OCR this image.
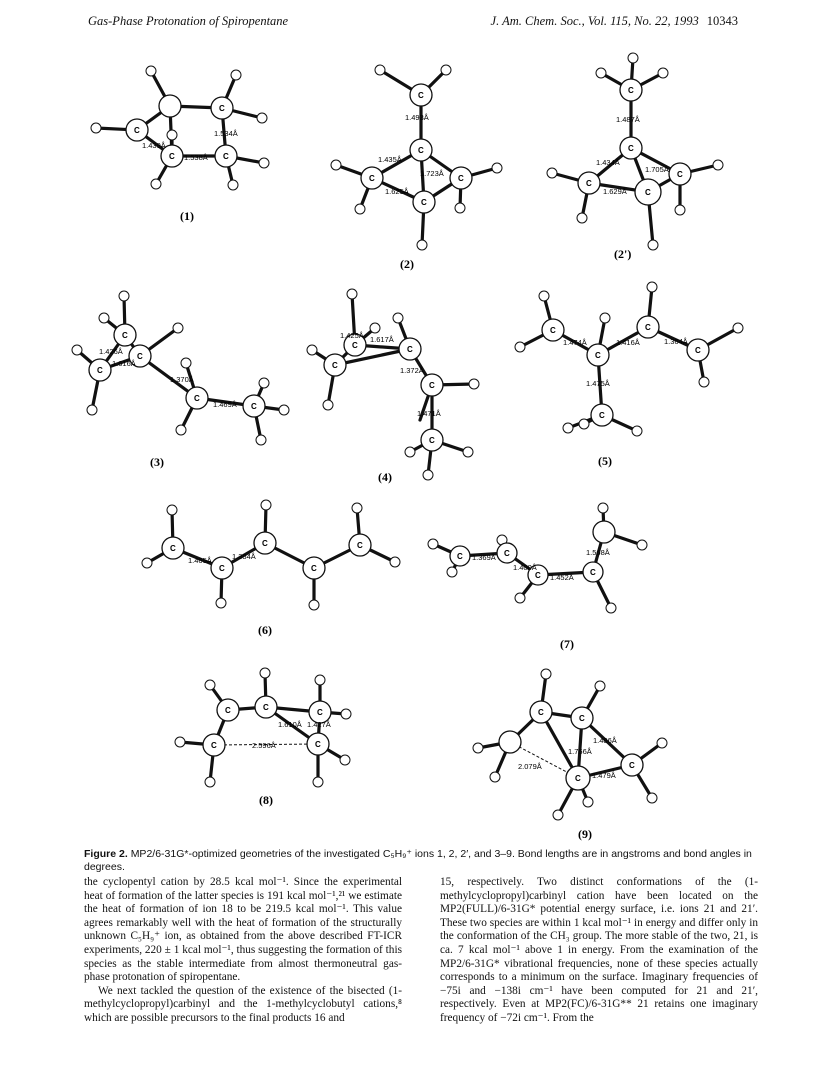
Gas-Phase Protonation of Spiropentane	J. Am. Chem. Soc., Vol. 115, No. 22, 1993 10343
C
C
C	C
1.439Å
1.538Å
1.534Å
(1)
C
C
C	C
C
1.493Å
1.435Å
1.723Å
1.625Å
(2)
C
C
C
C
C
1.487Å
1.434Å
1.705Å
1.629Å
(2')
C
C
C
C
C
1.426Å
1.616Å
1.370Å
1.469Å
(3)
C
C
C
C
C
1.425Å 1.617Å
1.372Å
1.471Å
(4)
C
C
C
C
C
1.474Å	1.416Å	1.364Å
1.475Å
(5)
C
C
C
C
C
1.465Å	1.384Å
(6)
C	C
C	C
1.369Å
1.400Å
1.452Å
1.568Å
(7)
C	C
C
C	C
1.610Å 1.427Å
2.596Å
(8)
C
C
C
C
1.486Å
1.766Å
2.079Å
1.479Å
(9)
Figure 2. MP2/6-31G*-optimized geometries of the investigated C₅H₉⁺ ions 1, 2, 2′, and 3–9. Bond lengths are in angstroms and bond angles in degrees.

the cyclopentyl cation by 28.5 kcal mol⁻¹. Since the experimental heat of formation of the latter species is 191 kcal mol⁻¹,²¹ we estimate the heat of formation of ion 18 to be 219.5 kcal mol⁻¹. This value agrees remarkably well with the heat of formation of the structurally unknown C₅H₉⁺ ion, as obtained from the above described FT-ICR experiments, 220 ± 1 kcal mol⁻¹, thus suggesting the formation of this species as the stable intermediate from almost thermoneutral gas-phase protonation of spiropentane.

We next tackled the question of the existence of the bisected (1-methylcyclopropyl)carbinyl and the 1-methylcyclobutyl cations,⁸ which are possible precursors to the final products 16 and

15, respectively. Two distinct conformations of the (1-methylcyclopropyl)carbinyl cation have been located on the MP2(FULL)/6-31G* potential energy surface, i.e. ions 21 and 21′. These two species are within 1 kcal mol⁻¹ in energy and differ only in the conformation of the CH₃ group. The more stable of the two, 21, is ca. 7 kcal mol⁻¹ above 1 in energy. From the examination of the MP2/6-31G* vibrational frequencies, none of these species actually corresponds to a minimum on the surface. Imaginary frequencies of −75i and −138i cm⁻¹ have been computed for 21 and 21′, respectively. Even at MP2(FC)/6-31G** 21 retains one imaginary frequency of −72i cm⁻¹. From the
